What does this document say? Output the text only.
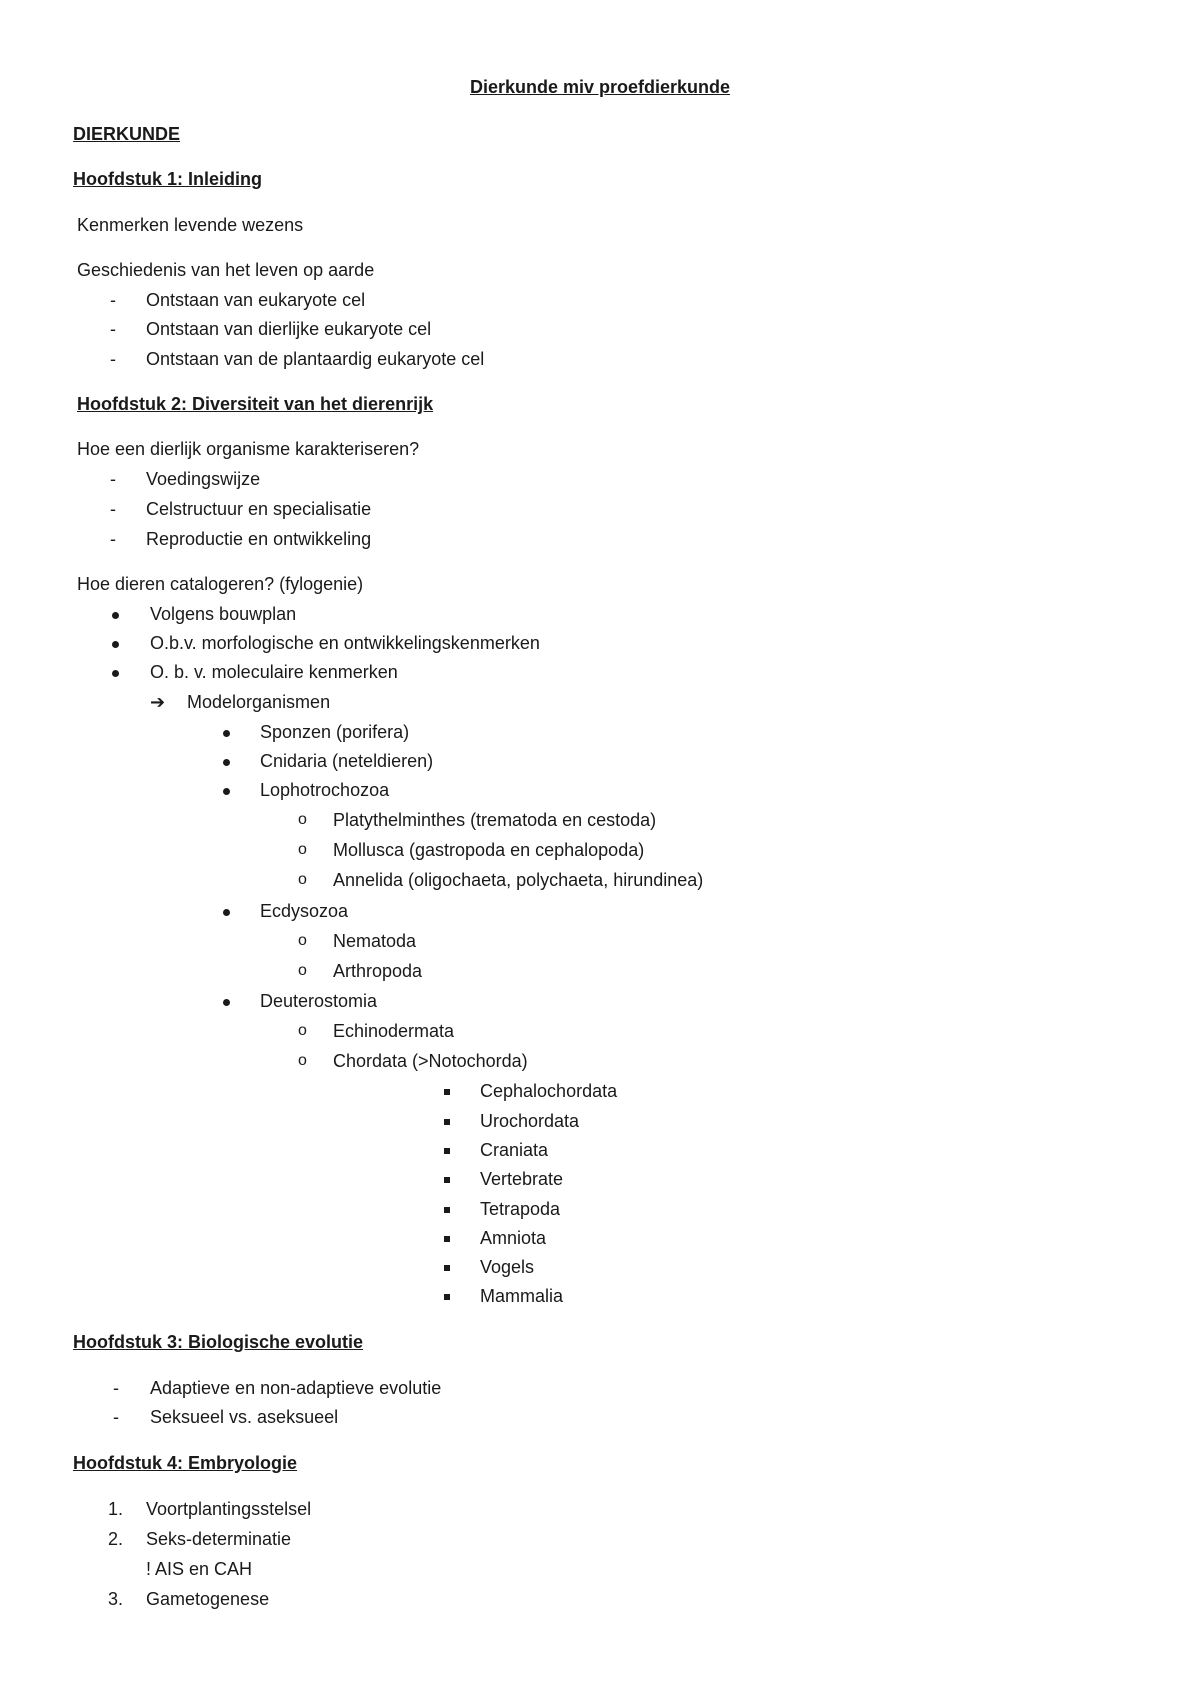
Dierkunde miv proefdierkunde
DIERKUNDE
Hoofdstuk 1: Inleiding
Kenmerken levende wezens
Geschiedenis van het leven op aarde
- Ontstaan van eukaryote cel
- Ontstaan van dierlijke eukaryote cel
- Ontstaan van de plantaardig eukaryote cel
Hoofdstuk 2: Diversiteit van het dierenrijk
Hoe een dierlijk organisme karakteriseren?
- Voedingswijze
- Celstructuur en specialisatie
- Reproductie en ontwikkeling
Hoe dieren catalogeren? (fylogenie)
Volgens bouwplan
O.b.v. morfologische en ontwikkelingskenmerken
O. b. v. moleculaire kenmerken
➔ Modelorganismen
Sponzen (porifera)
Cnidaria (neteldieren)
Lophotrochozoa
o Platythelminthes (trematoda en cestoda)
o Mollusca (gastropoda en cephalopoda)
o Annelida (oligochaeta, polychaeta, hirundinea)
Ecdysozoa
o Nematoda
o Arthropoda
Deuterostomia
o Echinodermata
o Chordata (>Notochorda)
Cephalochordata
Urochordata
Craniata
Vertebrate
Tetrapoda
Amniota
Vogels
Mammalia
Hoofdstuk 3: Biologische evolutie
- Adaptieve en non-adaptieve evolutie
- Seksueel vs. aseksueel
Hoofdstuk 4: Embryologie
1. Voortplantingsstelsel
2. Seks-determinatie
! AIS en CAH
3. Gametogenese
